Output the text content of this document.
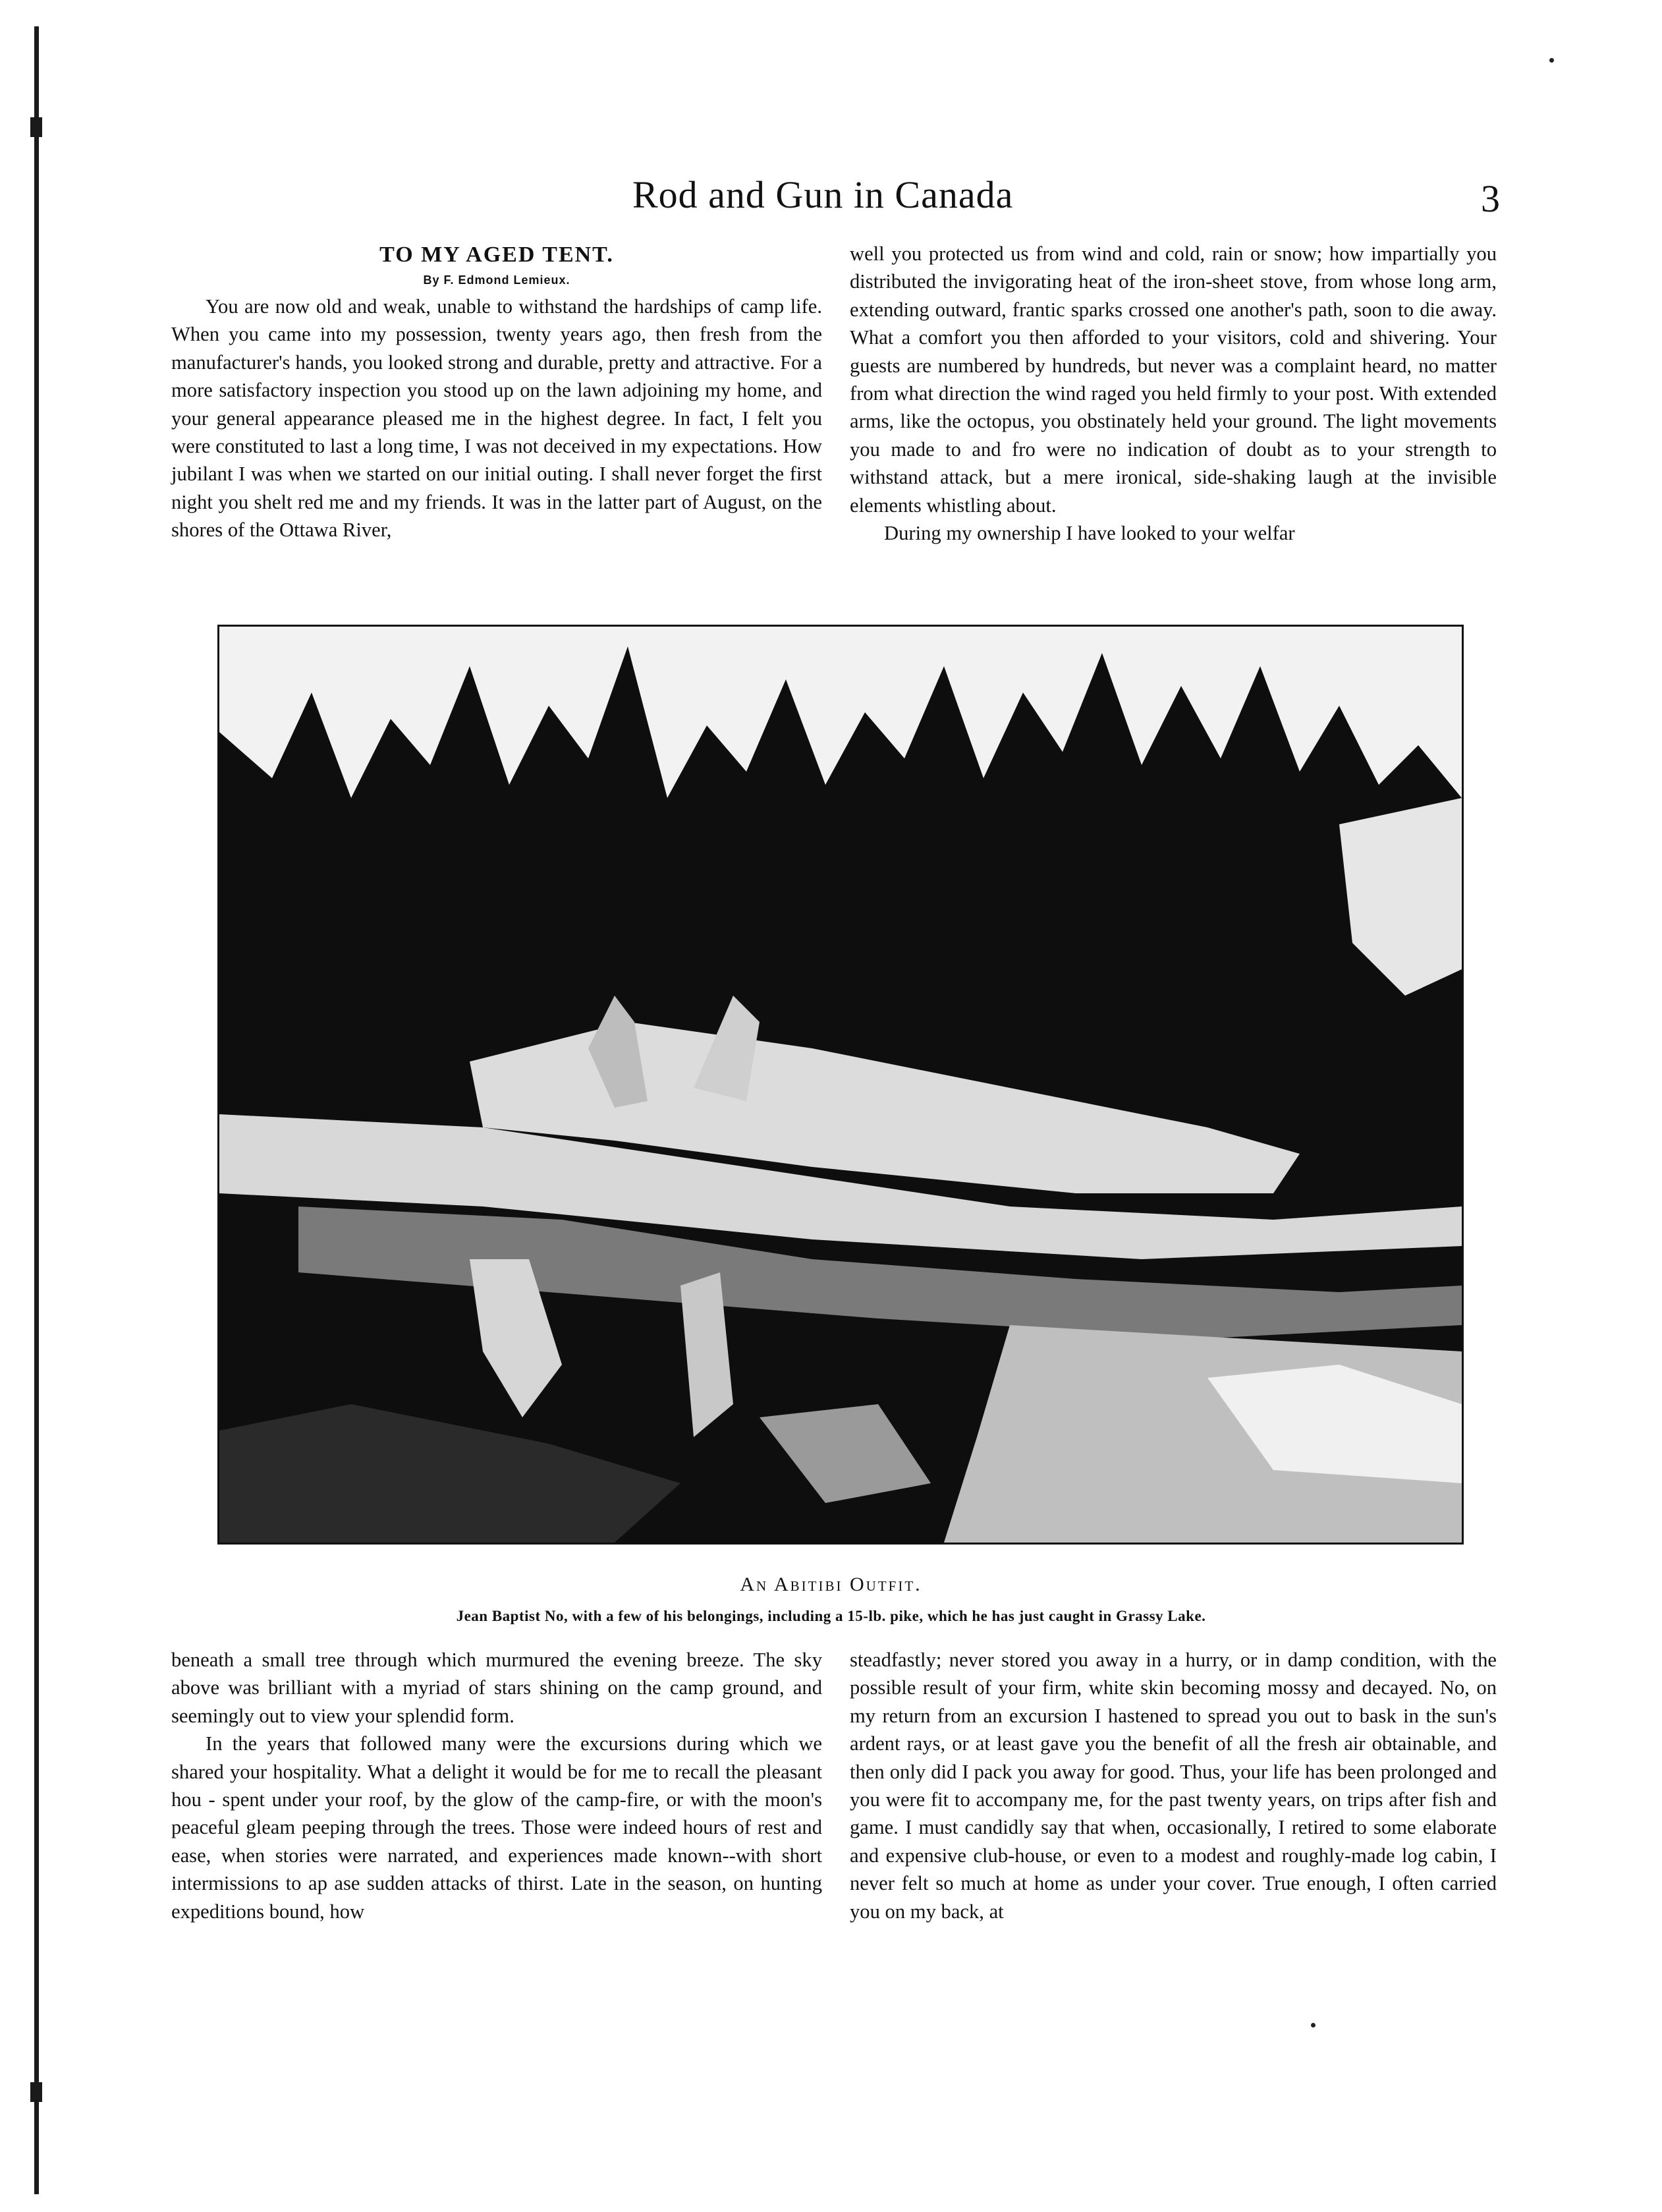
Rod and Gun in Canada	3
TO MY AGED TENT.
By F. Edmond Lemieux.

You are now old and weak, unable to withstand the hardships of camp life. When you came into my possession, twenty years ago, then fresh from the manufacturer's hands, you looked strong and durable, pretty and attractive. For a more satisfactory inspection you stood up on the lawn adjoining my home, and your general appearance pleased me in the highest degree. In fact, I felt you were constituted to last a long time, I was not deceived in my expectations. How jubilant I was when we started on our initial outing. I shall never forget the first night you shelt red me and my friends. It was in the latter part of August, on the shores of the Ottawa River,

well you protected us from wind and cold, rain or snow; how impartially you distributed the invigorating heat of the iron-sheet stove, from whose long arm, extending outward, frantic sparks crossed one another's path, soon to die away. What a comfort you then afforded to your visitors, cold and shivering. Your guests are numbered by hundreds, but never was a complaint heard, no matter from what direction the wind raged you held firmly to your post. With extended arms, like the octopus, you obstinately held your ground. The light movements you made to and fro were no indication of doubt as to your strength to withstand attack, but a mere ironical, side-shaking laugh at the invisible elements whistling about.

During my ownership I have looked to your welfar

An Abitibi Outfit.
Jean Baptist No, with a few of his belongings, including a 15-lb. pike, which he has just caught in Grassy Lake.

beneath a small tree through which murmured the evening breeze. The sky above was brilliant with a myriad of stars shining on the camp ground, and seemingly out to view your splendid form.

In the years that followed many were the excursions during which we shared your hospitality. What a delight it would be for me to recall the pleasant hou - spent under your roof, by the glow of the camp-fire, or with the moon's peaceful gleam peeping through the trees. Those were indeed hours of rest and ease, when stories were narrated, and experiences made known--with short intermissions to ap ase sudden attacks of thirst. Late in the season, on hunting expeditions bound, how

steadfastly; never stored you away in a hurry, or in damp condition, with the possible result of your firm, white skin becoming mossy and decayed. No, on my return from an excursion I hastened to spread you out to bask in the sun's ardent rays, or at least gave you the benefit of all the fresh air obtainable, and then only did I pack you away for good. Thus, your life has been prolonged and you were fit to accompany me, for the past twenty years, on trips after fish and game. I must candidly say that when, occasionally, I retired to some elaborate and expensive club-house, or even to a modest and roughly-made log cabin, I never felt so much at home as under your cover. True enough, I often carried you on my back, at
